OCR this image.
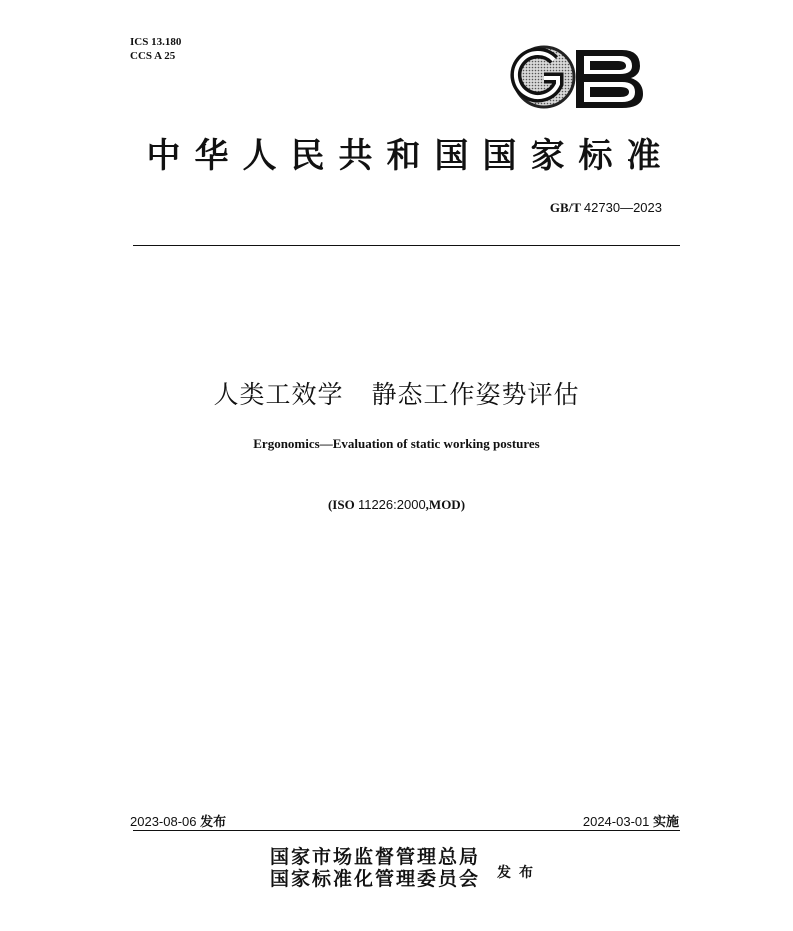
ICS 13.180
CCS A 25
中华人民共和国国家标准
GB/T 42730—2023
人类工效学 静态工作姿势评估
Ergonomics—Evaluation of static working postures
(ISO 11226:2000,MOD)
2023-08-06 发布	2024-03-01 实施
国家市场监督管理总局
国家标准化管理委员会 发布
